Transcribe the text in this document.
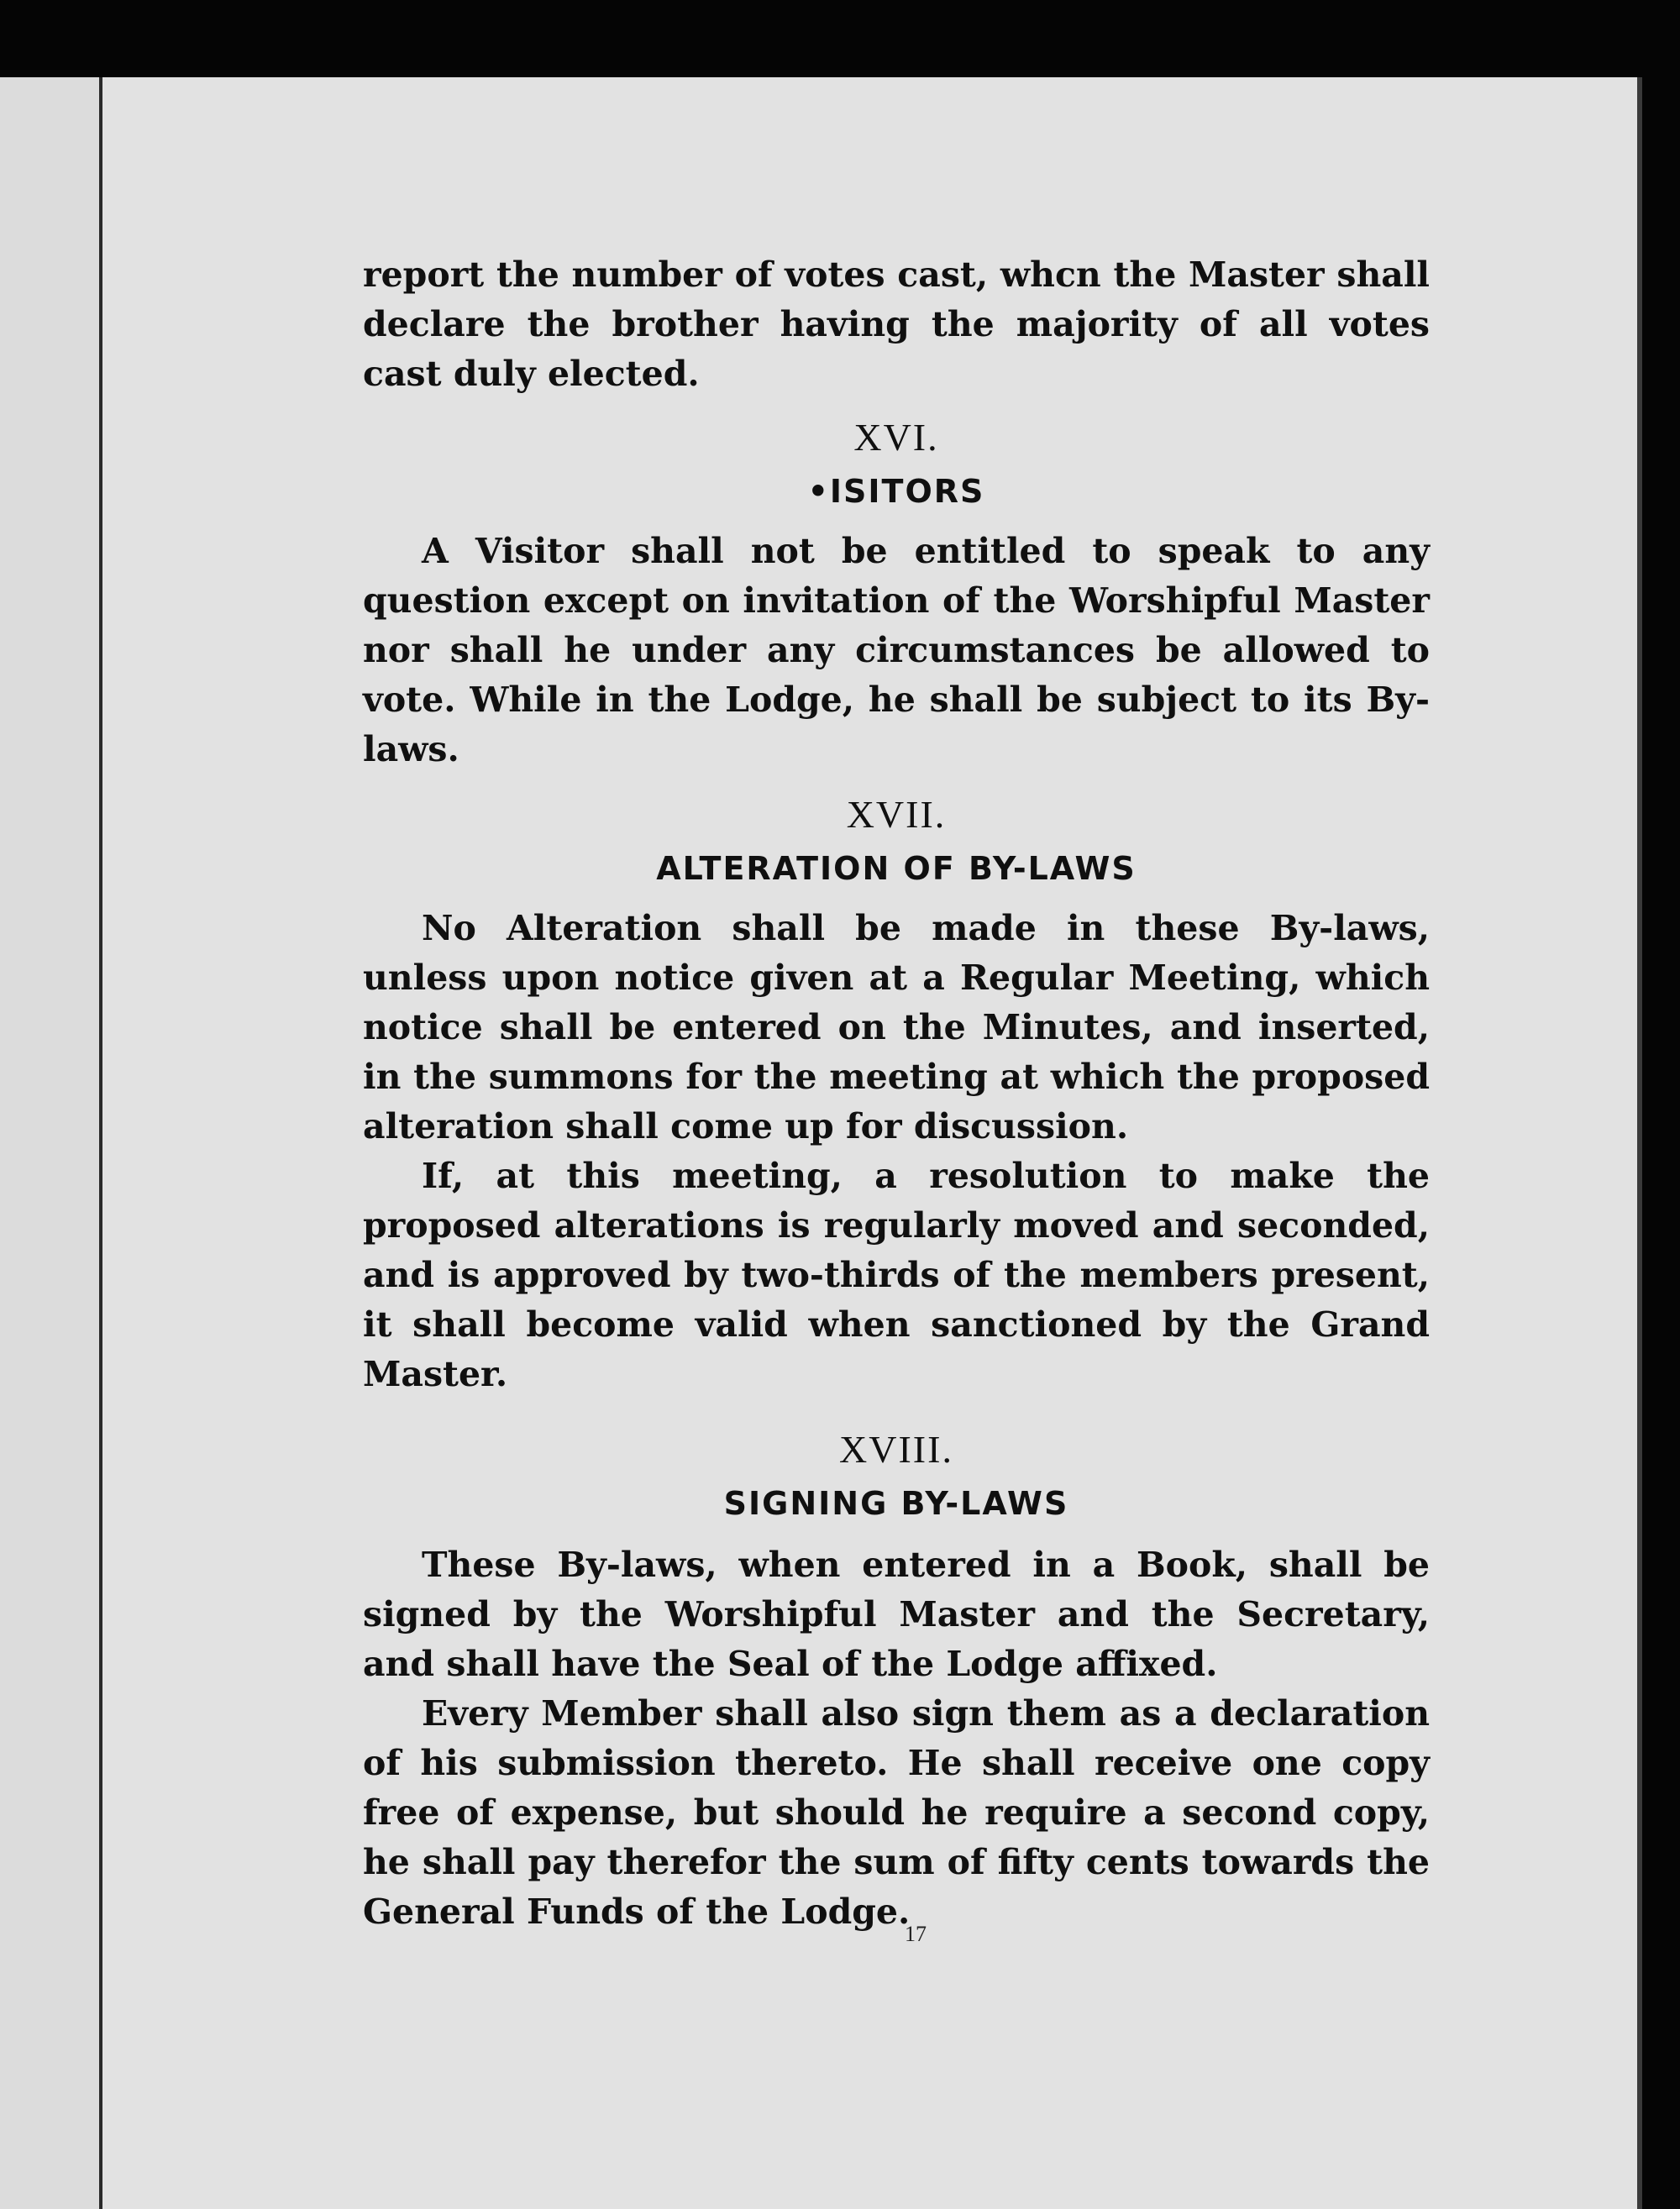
report the number of votes cast, whcn the Master shall declare the brother having the majority of all votes cast duly elected.

XVI.

•ISITORS

A Visitor shall not be entitled to speak to any question except on invitation of the Worshipful Master nor shall he under any circumstances be allowed to vote. While in the Lodge, he shall be subject to its By-laws.

XVII.

ALTERATION OF BY-LAWS

No Alteration shall be made in these By-laws, unless upon notice given at a Regular Meeting, which notice shall be entered on the Minutes, and inserted, in the summons for the meeting at which the proposed alteration shall come up for discussion.

If, at this meeting, a resolution to make the proposed alterations is regularly moved and seconded, and is approved by two-thirds of the members present, it shall become valid when sanctioned by the Grand Master.

XVIII.

SIGNING BY-LAWS

These By-laws, when entered in a Book, shall be signed by the Worshipful Master and the Secretary, and shall have the Seal of the Lodge affixed.

Every Member shall also sign them as a declaration of his submission thereto. He shall receive one copy free of expense, but should he require a second copy, he shall pay therefor the sum of fifty cents towards the General Funds of the Lodge.

17
